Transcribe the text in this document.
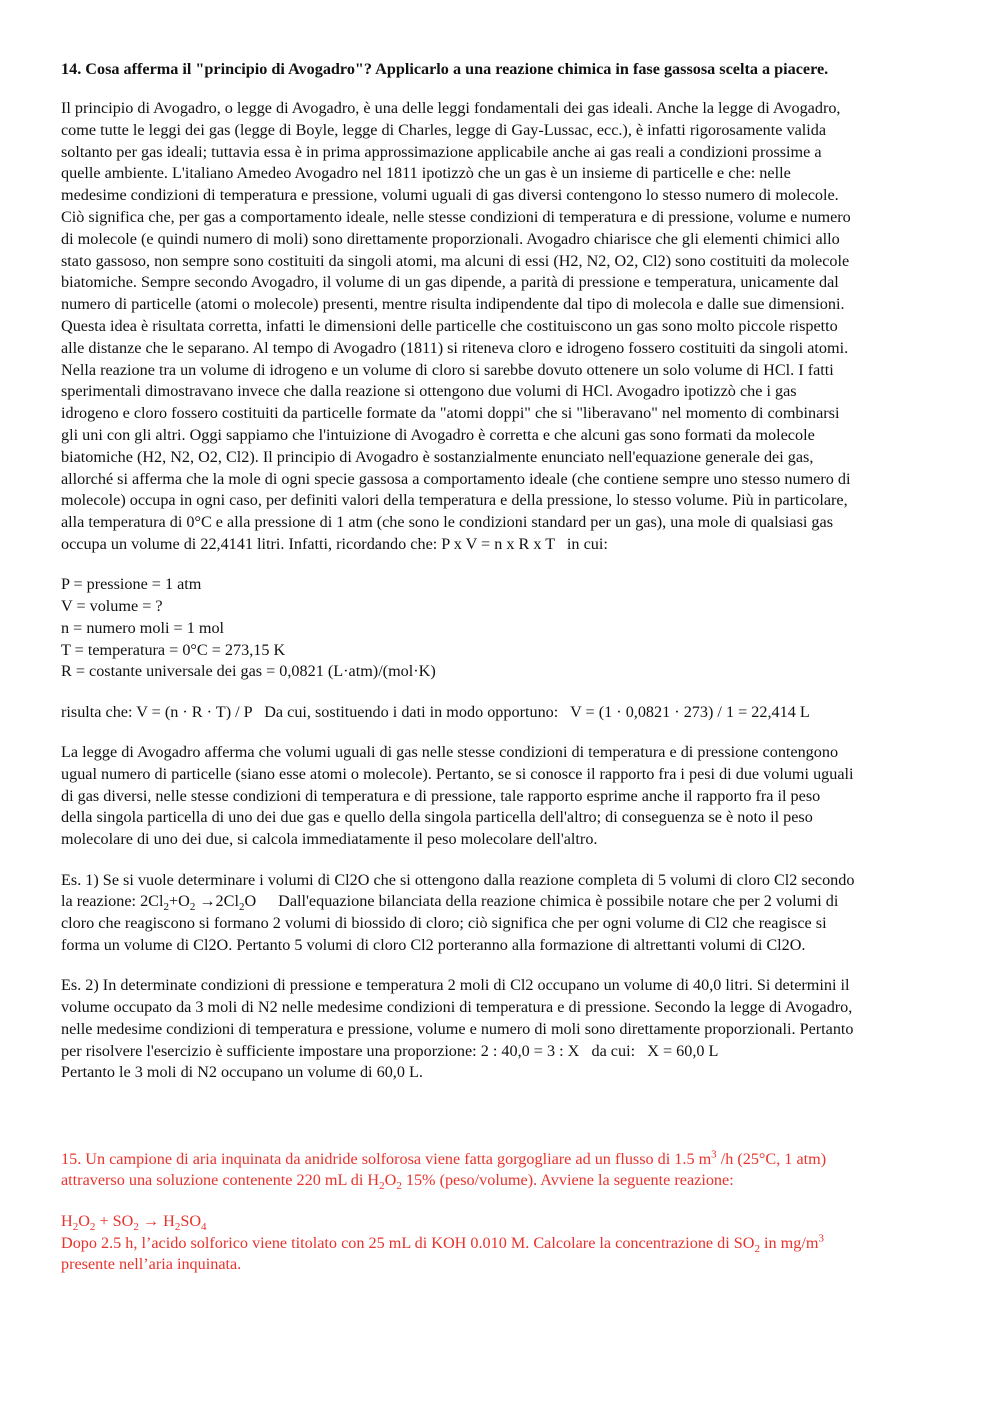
14. Cosa afferma il "principio di Avogadro"? Applicarlo a una reazione chimica in fase gassosa scelta a piacere.
Il principio di Avogadro, o legge di Avogadro, è una delle leggi fondamentali dei gas ideali. Anche la legge di Avogadro,
come tutte le leggi dei gas (legge di Boyle, legge di Charles, legge di Gay-Lussac, ecc.), è infatti rigorosamente valida
soltanto per gas ideali; tuttavia essa è in prima approssimazione applicabile anche ai gas reali a condizioni prossime a
quelle ambiente. L'italiano Amedeo Avogadro nel 1811 ipotizzò che un gas è un insieme di particelle e che: nelle
medesime condizioni di temperatura e pressione, volumi uguali di gas diversi contengono lo stesso numero di molecole.
Ciò significa che, per gas a comportamento ideale, nelle stesse condizioni di temperatura e di pressione, volume e numero
di molecole (e quindi numero di moli) sono direttamente proporzionali. Avogadro chiarisce che gli elementi chimici allo
stato gassoso, non sempre sono costituiti da singoli atomi, ma alcuni di essi (H2, N2, O2, Cl2) sono costituiti da molecole
biatomiche. Sempre secondo Avogadro, il volume di un gas dipende, a parità di pressione e temperatura, unicamente dal
numero di particelle (atomi o molecole) presenti, mentre risulta indipendente dal tipo di molecola e dalle sue dimensioni.
Questa idea è risultata corretta, infatti le dimensioni delle particelle che costituiscono un gas sono molto piccole rispetto
alle distanze che le separano. Al tempo di Avogadro (1811) si riteneva cloro e idrogeno fossero costituiti da singoli atomi.
Nella reazione tra un volume di idrogeno e un volume di cloro si sarebbe dovuto ottenere un solo volume di HCl. I fatti
sperimentali dimostravano invece che dalla reazione si ottengono due volumi di HCl. Avogadro ipotizzò che i gas
idrogeno e cloro fossero costituiti da particelle formate da "atomi doppi" che si "liberavano" nel momento di combinarsi
gli uni con gli altri. Oggi sappiamo che l'intuizione di Avogadro è corretta e che alcuni gas sono formati da molecole
biatomiche (H2, N2, O2, Cl2). Il principio di Avogadro è sostanzialmente enunciato nell'equazione generale dei gas,
allorché si afferma che la mole di ogni specie gassosa a comportamento ideale (che contiene sempre uno stesso numero di
molecole) occupa in ogni caso, per definiti valori della temperatura e della pressione, lo stesso volume. Più in particolare,
alla temperatura di 0°C e alla pressione di 1 atm (che sono le condizioni standard per un gas), una mole di qualsiasi gas
occupa un volume di 22,4141 litri. Infatti, ricordando che: P x V = n x R x T   in cui:
P = pressione = 1 atm
V = volume = ?
n = numero moli = 1 mol
T = temperatura = 0°C = 273,15 K
R = costante universale dei gas = 0,0821 (L·atm)/(mol·K)
risulta che: V = (n · R · T) / P   Da cui, sostituendo i dati in modo opportuno:   V = (1 · 0,0821 · 273) / 1 = 22,414 L
La legge di Avogadro afferma che volumi uguali di gas nelle stesse condizioni di temperatura e di pressione contengono
ugual numero di particelle (siano esse atomi o molecole). Pertanto, se si conosce il rapporto fra i pesi di due volumi uguali
di gas diversi, nelle stesse condizioni di temperatura e di pressione, tale rapporto esprime anche il rapporto fra il peso
della singola particella di uno dei due gas e quello della singola particella dell'altro; di conseguenza se è noto il peso
molecolare di uno dei due, si calcola immediatamente il peso molecolare dell'altro.
Es. 1) Se si vuole determinare i volumi di Cl2O che si ottengono dalla reazione completa di 5 volumi di cloro Cl2 secondo
la reazione: $2Cl_2+O_2 \to 2Cl_2O$ Dall'equazione bilanciata della reazione chimica è possibile notare che per 2 volumi di
cloro che reagiscono si formano 2 volumi di biossido di cloro; ciò significa che per ogni volume di Cl2 che reagisce si
forma un volume di Cl2O. Pertanto 5 volumi di cloro Cl2 porteranno alla formazione di altrettanti volumi di Cl2O.
Es. 2) In determinate condizioni di pressione e temperatura 2 moli di Cl2 occupano un volume di 40,0 litri. Si determini il
volume occupato da 3 moli di N2 nelle medesime condizioni di temperatura e di pressione. Secondo la legge di Avogadro,
nelle medesime condizioni di temperatura e pressione, volume e numero di moli sono direttamente proporzionali. Pertanto
per risolvere l'esercizio è sufficiente impostare una proporzione: 2 : 40,0 = 3 : X   da cui:   X = 60,0 L
Pertanto le 3 moli di N2 occupano un volume di 60,0 L.
15. Un campione di aria inquinata da anidride solforosa viene fatta gorgogliare ad un flusso di 1.5 $m^3$ /h (25°C, 1 atm)
attraverso una soluzione contenente 220 mL di $H_2O_2$ 15% (peso/volume). Avviene la seguente reazione:
$H_2O_2 + SO_2 \to H_2SO_4$
Dopo 2.5 h, l’acido solforico viene titolato con 25 mL di KOH 0.010 M. Calcolare la concentrazione di $SO_2$ in $mg/m^3$
presente nell’aria inquinata.
